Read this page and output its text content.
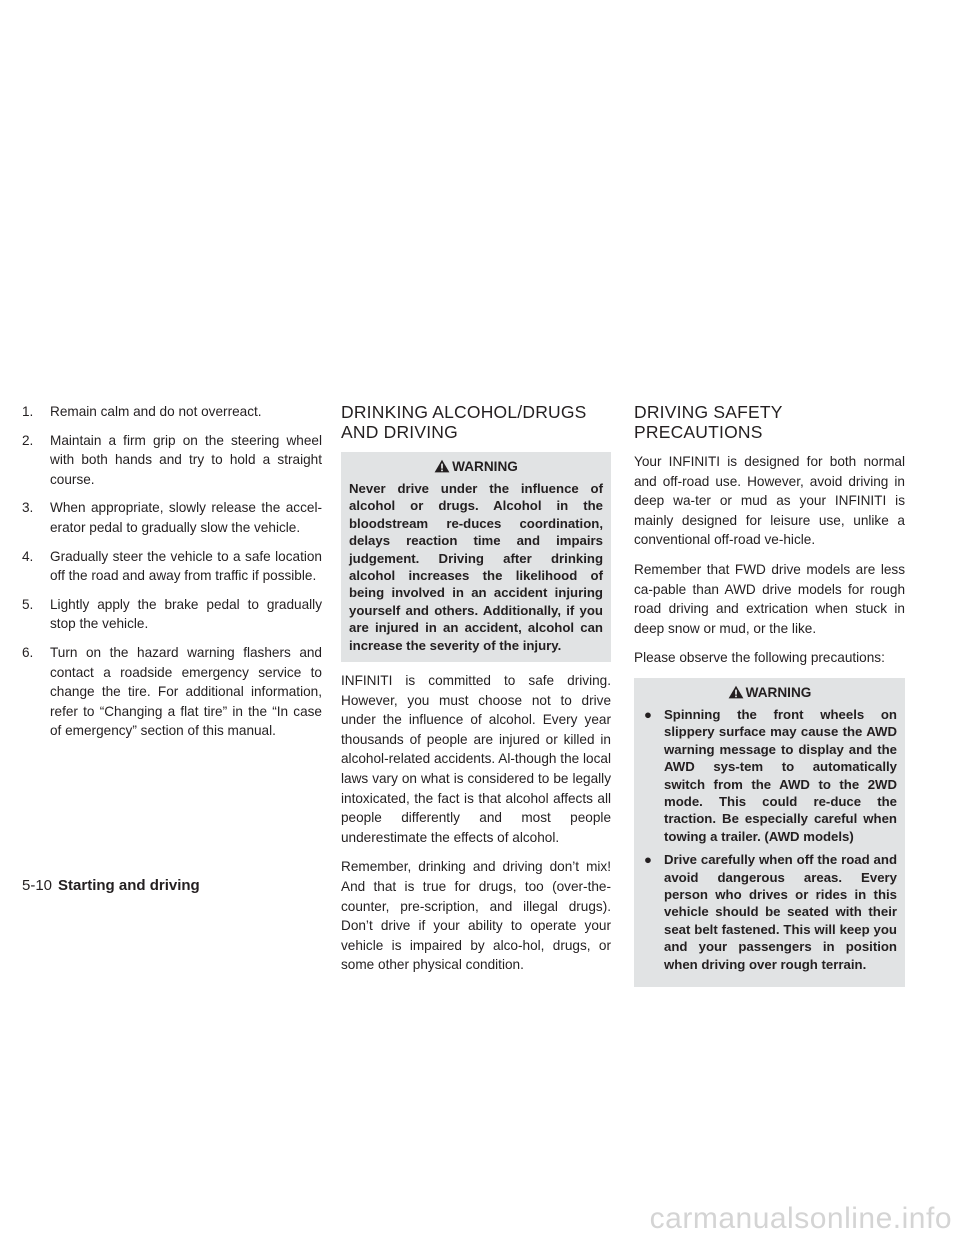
1. Remain calm and do not overreact.
2. Maintain a firm grip on the steering wheel with both hands and try to hold a straight course.
3. When appropriate, slowly release the accel-erator pedal to gradually slow the vehicle.
4. Gradually steer the vehicle to a safe location off the road and away from traffic if possible.
5. Lightly apply the brake pedal to gradually stop the vehicle.
6. Turn on the hazard warning flashers and contact a roadside emergency service to change the tire. For additional information, refer to “Changing a flat tire” in the “In case of emergency” section of this manual.
DRINKING ALCOHOL/DRUGS AND DRIVING
WARNING

Never drive under the influence of alcohol or drugs. Alcohol in the bloodstream re-duces coordination, delays reaction time and impairs judgement. Driving after drinking alcohol increases the likelihood of being involved in an accident injuring yourself and others. Additionally, if you are injured in an accident, alcohol can increase the severity of the injury.

INFINITI is committed to safe driving. However, you must choose not to drive under the influence of alcohol. Every year thousands of people are injured or killed in alcohol-related accidents. Al-though the local laws vary on what is considered to be legally intoxicated, the fact is that alcohol affects all people differently and most people underestimate the effects of alcohol.

Remember, drinking and driving don’t mix! And that is true for drugs, too (over-the-counter, pre-scription, and illegal drugs). Don’t drive if your ability to operate your vehicle is impaired by alco-hol, drugs, or some other physical condition.

DRIVING SAFETY PRECAUTIONS

Your INFINITI is designed for both normal and off-road use. However, avoid driving in deep wa-ter or mud as your INFINITI is mainly designed for leisure use, unlike a conventional off-road ve-hicle.

Remember that FWD drive models are less ca-pable than AWD drive models for rough road driving and extrication when stuck in deep snow or mud, or the like.

Please observe the following precautions:

WARNING
● Spinning the front wheels on slippery surface may cause the AWD warning message to display and the AWD sys-tem to automatically switch from the AWD to the 2WD mode. This could re-duce the traction. Be especially careful when towing a trailer. (AWD models)
● Drive carefully when off the road and avoid dangerous areas. Every person who drives or rides in this vehicle should be seated with their seat belt fastened. This will keep you and your passengers in position when driving over rough terrain.
5-10 Starting and driving
carmanualsonline.info
